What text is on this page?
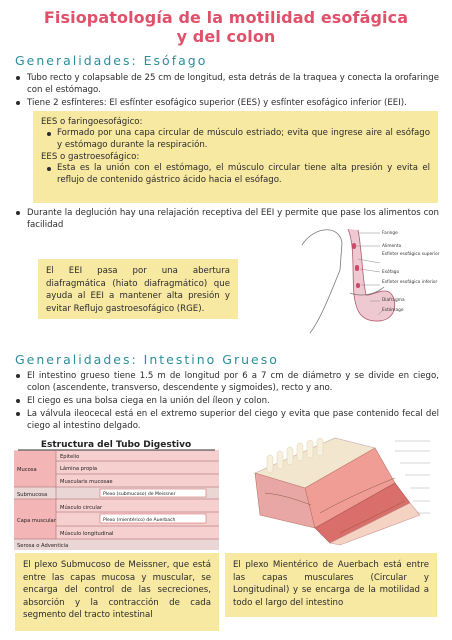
Fisiopatología de la motilidad esofágica
y del colon
Generalidades: Esófago
Tubo recto y colapsable de 25 cm de longitud, esta detrás de la traquea y conecta la orofaringe con el estómago.
Tiene 2 esfínteres: El esfínter esofágico superior (EES) y esfínter esofágico inferior (EEI).
EES o faringoesofágico:
Formado por una capa circular de músculo estriado; evita que ingrese aire al esófago y estómago durante la respiración.
EES o gastroesofágico:
Esta es la unión con el estómago, el músculo circular tiene alta presión y evita el reflujo de contenido gástrico ácido hacia el esófago.
Durante la deglución hay una relajación receptiva del EEI y permite que pase los alimentos con facilidad
El EEI pasa por una abertura diafragmática (hiato diafragmático) que ayuda al EEI a mantener alta presión y evitar Reflujo gastroesofágico (RGE).
Faringe
Alimento
Esfínter esofágico superior
Esófago
Esfínter esofágico inferior
Diafragma
Estómago
Generalidades: Intestino Grueso
El intestino grueso tiene 1.5 m de longitud por 6 a 7 cm de diámetro y se divide en ciego, colon (ascendente, transverso, descendente y sigmoides), recto y ano.
El ciego es una bolsa ciega en la unión del íleon y colon.
La válvula ileocecal está en el extremo superior del ciego y evita que pase contenido fecal del ciego al intestino delgado.
Estructura del Tubo Digestivo
Mucosa
Epitelio
Lámina propia
Muscularis mucosae
Submucosa	Plexo (submucoso) de Meissner
Capa muscular
Músculo circular
Plexo (mientérico) de Auerbach
Músculo longitudinal
Serosa o Adventicia
El plexo Submucoso de Meissner, que está entre las capas mucosa y muscular, se encarga del control de las secreciones, absorción y la contracción de cada segmento del tracto intestinal
El plexo Mientérico de Auerbach está entre las capas musculares (Circular y Longitudinal) y se encarga de la motilidad a todo el largo del intestino
